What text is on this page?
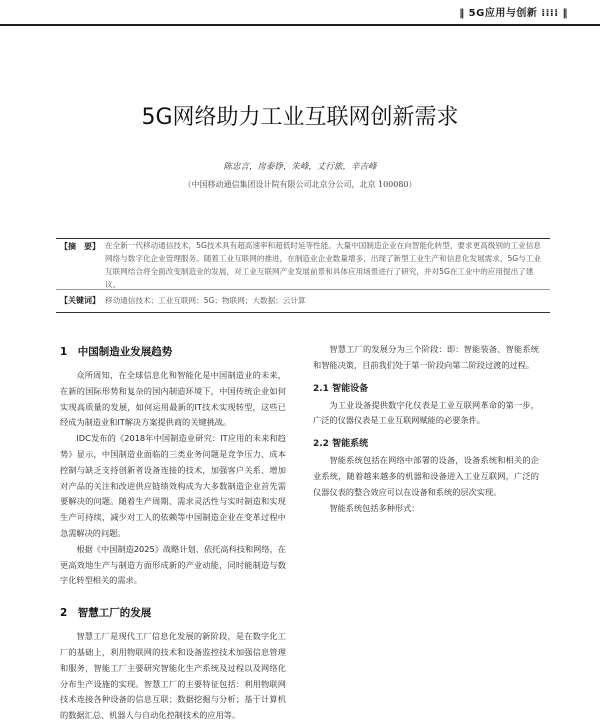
‖ 5G应用与创新 ⁞⁞⁞⁞ ‖
5G网络助力工业互联网创新需求
陈忠言，房泰铮，朱峰，丈行旅，辛吉峰
（中国移动通信集团设计院有限公司北京分公司，北京 100080）
【摘　要】 在全新一代移动通信技术，5G技术具有超高速率和超低时延等性能。大量中国制造企业在向智能化转型，要求更高级别的工业信息网络与数字化企业管理服务。随着工业互联网的推进，在制造业企业数量增多，出现了新型工业生产和信息化发展需求，5G与工业互联网结合将全面改变制造业的发展，对工业互联网产业发展前景和具体应用场景进行了研究，并对5G在工业中的应用提出了建议。
【关键词】 移动通信技术；工业互联网；5G；物联网；大数据；云计算

1　中国制造业发展趋势

众所周知，在全球信息化和智能化是中国制造业的未来，在新的国际形势和复杂的国内制造环境下，中国传统企业如何实现高质量的发展，如何运用最新的IT技术实现转型，这些已经成为制造业和IT解决方案提供商的关键挑战。

IDC发布的《2018年中国制造业研究：IT应用的未来和趋势》显示，中国制造业面临的三类业务问题是竞争压力、成本控制与缺乏支持创新者设备连接的技术，加强客户关系、增加对产品的关注和改进供应链绩效构成为大多数制造企业首先需要解决的问题。随着生产周期、需求灵活性与实时制造和实现生产可持续，减少对工人的依赖等中国制造企业在变革过程中急需解决的问题。

根据《中国制造2025》战略计划，依托高科技和网络，在更高效地生产与制造方面形成新的产业动能，同时能制造与数字化转型相关的需求。

2　智慧工厂的发展

智慧工厂是现代工厂信息化发展的新阶段，是在数字化工厂的基础上，利用物联网的技术和设备监控技术加强信息管理和服务，智能工厂主要研究智能化生产系统及过程以及网络化分布生产设施的实现。智慧工厂的主要特征包括：利用物联网技术连接各种设备的信息互联；数据挖掘与分析；基于计算机的数据汇总、机器人与自动化控制技术的应用等。

智慧工厂的发展分为三个阶段：即：智能装备、智能系统和智能决策，目前我们处于第一阶段向第二阶段过渡的过程。

2.1 智能设备

为工业设备提供数字化仪表是工业互联网革命的第一步，广泛的仪器仪表是工业互联网赋能的必要条件。

2.2 智能系统

智能系统包括在网络中部署的设备，设备系统和相关的企业系统，随着越来越多的机器和设备进入工业互联网，广泛的仪器仪表的整合效应可以在设备和系统的层次实现。

智能系统包括多种形式：
